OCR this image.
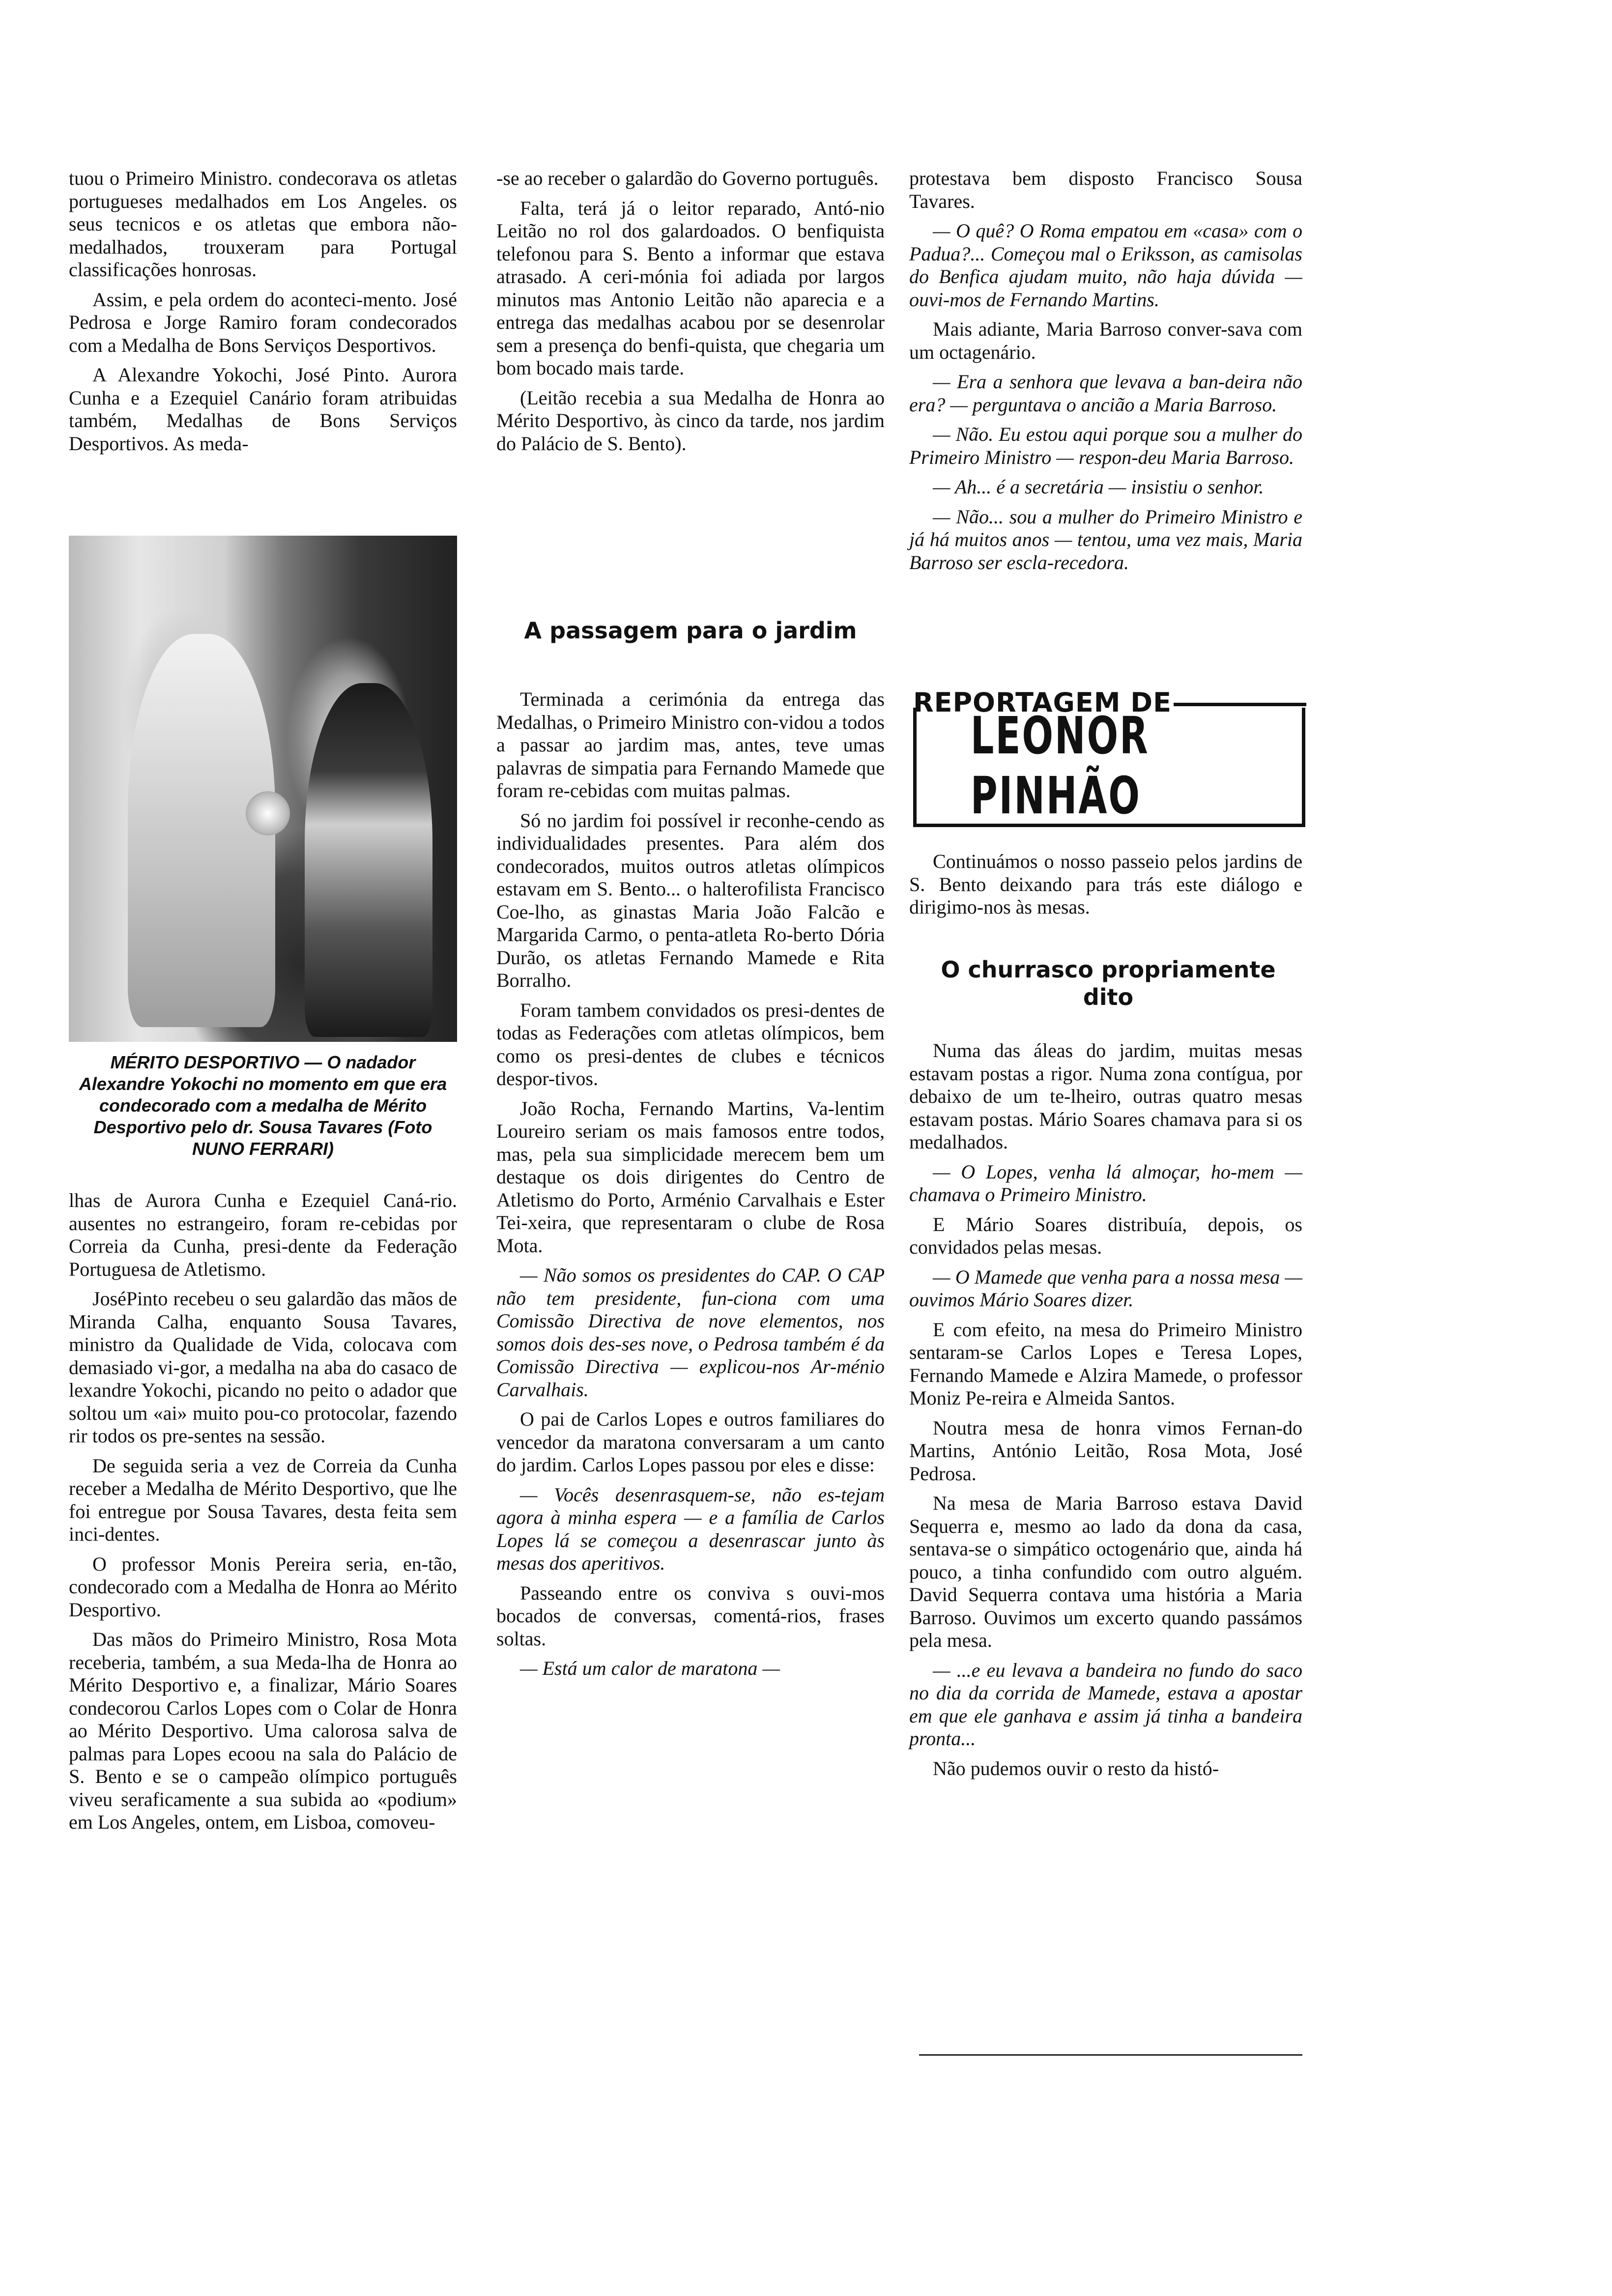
tuou o Primeiro Ministro. condecorava os atletas portugueses medalhados em Los Angeles. os seus tecnicos e os atletas que embora não-medalhados, trouxeram para Portugal classificações honrosas.

Assim, e pela ordem do aconteci-mento. José Pedrosa e Jorge Ramiro foram condecorados com a Medalha de Bons Serviços Desportivos.

A Alexandre Yokochi, José Pinto. Aurora Cunha e a Ezequiel Canário foram atribuidas também, Medalhas de Bons Serviços Desportivos. As meda-

MÉRITO DESPORTIVO — O nadador Alexandre Yokochi no momento em que era condecorado com a medalha de Mérito Desportivo pelo dr. Sousa Tavares (Foto NUNO FERRARI)

lhas de Aurora Cunha e Ezequiel Caná-rio. ausentes no estrangeiro, foram re-cebidas por Correia da Cunha, presi-dente da Federação Portuguesa de Atletismo.

JoséPinto recebeu o seu galardão das mãos de Miranda Calha, enquanto Sousa Tavares, ministro da Qualidade de Vida, colocava com demasiado vi-gor, a medalha na aba do casaco de lexandre Yokochi, picando no peito o adador que soltou um «ai» muito pou-co protocolar, fazendo rir todos os pre-sentes na sessão.

De seguida seria a vez de Correia da Cunha receber a Medalha de Mérito Desportivo, que lhe foi entregue por Sousa Tavares, desta feita sem inci-dentes.

O professor Monis Pereira seria, en-tão, condecorado com a Medalha de Honra ao Mérito Desportivo.

Das mãos do Primeiro Ministro, Rosa Mota receberia, também, a sua Meda-lha de Honra ao Mérito Desportivo e, a finalizar, Mário Soares condecorou Carlos Lopes com o Colar de Honra ao Mérito Desportivo. Uma calorosa salva de palmas para Lopes ecoou na sala do Palácio de S. Bento e se o campeão olímpico português viveu seraficamente a sua subida ao «podium» em Los Angeles, ontem, em Lisboa, comoveu-

-se ao receber o galardão do Governo português.

Falta, terá já o leitor reparado, Antó-nio Leitão no rol dos galardoados. O benfiquista telefonou para S. Bento a informar que estava atrasado. A ceri-mónia foi adiada por largos minutos mas Antonio Leitão não aparecia e a entrega das medalhas acabou por se desenrolar sem a presença do benfi-quista, que chegaria um bom bocado mais tarde.

(Leitão recebia a sua Medalha de Honra ao Mérito Desportivo, às cinco da tarde, nos jardim do Palácio de S. Bento).

A passagem para o jardim

Terminada a cerimónia da entrega das Medalhas, o Primeiro Ministro con-vidou a todos a passar ao jardim mas, antes, teve umas palavras de simpatia para Fernando Mamede que foram re-cebidas com muitas palmas.

Só no jardim foi possível ir reconhe-cendo as individualidades presentes. Para além dos condecorados, muitos outros atletas olímpicos estavam em S. Bento... o halterofilista Francisco Coe-lho, as ginastas Maria João Falcão e Margarida Carmo, o penta-atleta Ro-berto Dória Durão, os atletas Fernando Mamede e Rita Borralho.

Foram tambem convidados os presi-dentes de todas as Federações com atletas olímpicos, bem como os presi-dentes de clubes e técnicos despor-tivos.

João Rocha, Fernando Martins, Va-lentim Loureiro seriam os mais famosos entre todos, mas, pela sua simplicidade merecem bem um destaque os dois dirigentes do Centro de Atletismo do Porto, Arménio Carvalhais e Ester Tei-xeira, que representaram o clube de Rosa Mota.

— Não somos os presidentes do CAP. O CAP não tem presidente, fun-ciona com uma Comissão Directiva de nove elementos, nos somos dois des-ses nove, o Pedrosa também é da Comissão Directiva — explicou-nos Ar-ménio Carvalhais.

O pai de Carlos Lopes e outros familiares do vencedor da maratona conversaram a um canto do jardim. Carlos Lopes passou por eles e disse:

— Vocês desenrasquem-se, não es-tejam agora à minha espera — e a família de Carlos Lopes lá se começou a desenrascar junto às mesas dos aperitivos.

Passeando entre os conviva s ouvi-mos bocados de conversas, comentá-rios, frases soltas.

— Está um calor de maratona —

protestava bem disposto Francisco Sousa Tavares.

— O quê? O Roma empatou em «casa» com o Padua?... Começou mal o Eriksson, as camisolas do Benfica ajudam muito, não haja dúvida — ouvi-mos de Fernando Martins.

Mais adiante, Maria Barroso conver-sava com um octagenário.

— Era a senhora que levava a ban-deira não era? — perguntava o ancião a Maria Barroso.

— Não. Eu estou aqui porque sou a mulher do Primeiro Ministro — respon-deu Maria Barroso.

— Ah... é a secretária — insistiu o senhor.

— Não... sou a mulher do Primeiro Ministro e já há muitos anos — tentou, uma vez mais, Maria Barroso ser escla-recedora.

REPORTAGEM DE
LEONOR PINHÃO

Continuámos o nosso passeio pelos jardins de S. Bento deixando para trás este diálogo e dirigimo-nos às mesas.

O churrasco propriamente dito

Numa das áleas do jardim, muitas mesas estavam postas a rigor. Numa zona contígua, por debaixo de um te-lheiro, outras quatro mesas estavam postas. Mário Soares chamava para si os medalhados.

— O Lopes, venha lá almoçar, ho-mem — chamava o Primeiro Ministro.

E Mário Soares distribuía, depois, os convidados pelas mesas.

— O Mamede que venha para a nossa mesa — ouvimos Mário Soares dizer.

E com efeito, na mesa do Primeiro Ministro sentaram-se Carlos Lopes e Teresa Lopes, Fernando Mamede e Alzira Mamede, o professor Moniz Pe-reira e Almeida Santos.

Noutra mesa de honra vimos Fernan-do Martins, António Leitão, Rosa Mota, José Pedrosa.

Na mesa de Maria Barroso estava David Sequerra e, mesmo ao lado da dona da casa, sentava-se o simpático octogenário que, ainda há pouco, a tinha confundido com outro alguém. David Sequerra contava uma história a Maria Barroso. Ouvimos um excerto quando passámos pela mesa.

— ...e eu levava a bandeira no fundo do saco no dia da corrida de Mamede, estava a apostar em que ele ganhava e assim já tinha a bandeira pronta...

Não pudemos ouvir o resto da histó-
